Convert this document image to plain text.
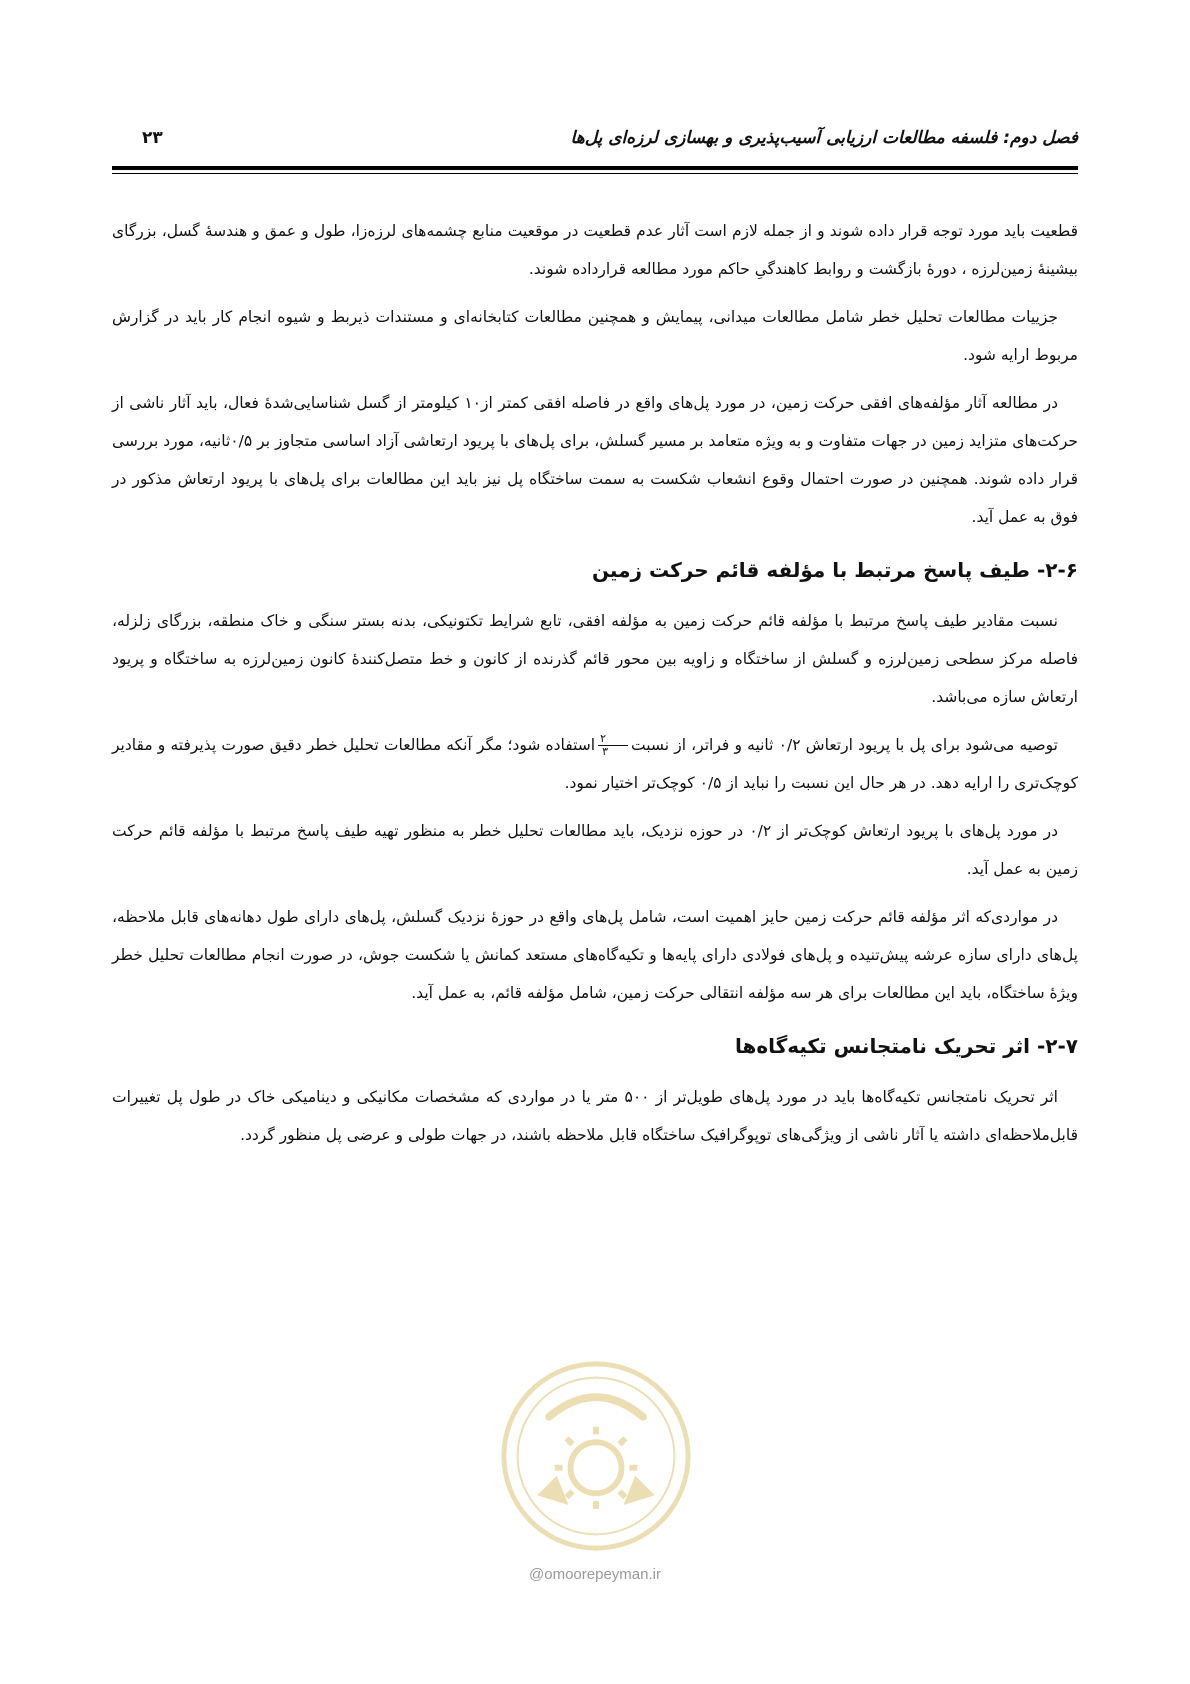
فصل دوم: فلسفه مطالعات ارزیابی آسیب‌پذیری و بهسازی لرزه‌ای پل‌ها
۲۳

قطعیت باید مورد توجه قرار داده شوند و از جمله لازم است آثار عدم قطعیت در موقعیت منابع چشمه‌های لرزه‌زا، طول و عمق و هندسهٔ گسل، بزرگای بیشینهٔ زمین‌لرزه ، دورهٔ بازگشت و روابط کاهندگیِ حاکم مورد مطالعه قرارداده شوند.

جزییات مطالعات تحلیل خطر شامل مطالعات میدانی، پیمایش و همچنین مطالعات کتابخانه‌ای و مستندات ذیربط و شیوه انجام کار باید در گزارش مربوط ارایه شود.

در مطالعه آثار مؤلفه‌های افقی حرکت زمین، در مورد پل‌های واقع در فاصله افقی کمتر از۱۰ کیلومتر از گسل شناسایی‌شدهٔ فعال، باید آثار ناشی از حرکت‌های متزاید زمین در جهات متفاوت و به ویژه متعامد بر مسیر گسلش، برای پل‌های با پریود ارتعاشی آزاد اساسی متجاوز بر ۰/۵ثانیه، مورد بررسی قرار داده شوند. همچنین در صورت احتمال وقوع انشعاب شکست به سمت ساختگاه پل نیز باید این مطالعات برای پل‌های با پریود ارتعاش مذکور در فوق به عمل آید.

۲-۶- طیف پاسخ مرتبط با مؤلفه قائم حرکت زمین

نسبت مقادیر طیف پاسخ مرتبط با مؤلفه قائم حرکت زمین به مؤلفه افقی، تابع شرایط تکتونیکی، بدنه بستر سنگی و خاک منطقه، بزرگای زلزله، فاصله مرکز سطحی زمین‌لرزه و گسلش از ساختگاه و زاویه بین محور قائم گذرنده از کانون و خط متصل‌کنندهٔ کانون زمین‌لرزه به ساختگاه و پریود ارتعاش سازه می‌باشد.

توصیه می‌شود برای پل با پریود ارتعاش ۰/۲ ثانیه و فراتر، از نسبت
$\frac{۲}{۳}$
استفاده شود؛ مگر آنکه مطالعات تحلیل خطر دقیق صورت پذیرفته و مقادیر کوچک‌تری را ارایه دهد. در هر حال این نسبت را نباید از ۰/۵ کوچک‌تر اختیار نمود.

در مورد پل‌های با پریود ارتعاش کوچک‌تر از ۰/۲ در حوزه نزدیک، باید مطالعات تحلیل خطر به منظور تهیه طیف پاسخ مرتبط با مؤلفه قائم حرکت زمین به عمل آید.

در مواردی‌که اثر مؤلفه قائم حرکت زمین حایز اهمیت است، شامل پل‌های واقع در حوزهٔ نزدیک گسلش، پل‌های دارای طول دهانه‌های قابل ملاحظه، پل‌های دارای سازه عرشه پیش‌تنیده و پل‌های فولادی دارای پایه‌ها و تکیه‌گاه‌های مستعد کمانش یا شکست جوش، در صورت انجام مطالعات تحلیل خطر ویژهٔ ساختگاه، باید این مطالعات برای هر سه مؤلفه انتقالی حرکت زمین، شامل مؤلفه قائم، به عمل آید.

۲-۷- اثر تحریک نامتجانس تکیه‌گاه‌ها

اثر تحریک نامتجانس تکیه‌گاه‌ها باید در مورد پل‌های طویل‌تر از ۵۰۰ متر یا در مواردی که مشخصات مکانیکی و دینامیکی خاک در طول پل تغییرات قابل‌ملاحظه‌ای داشته یا آثار ناشی از ویژگی‌های توپوگرافیک ساختگاه قابل ملاحظه باشند، در جهات طولی و عرضی پل منظور گردد.

@omoorepeyman.ir
